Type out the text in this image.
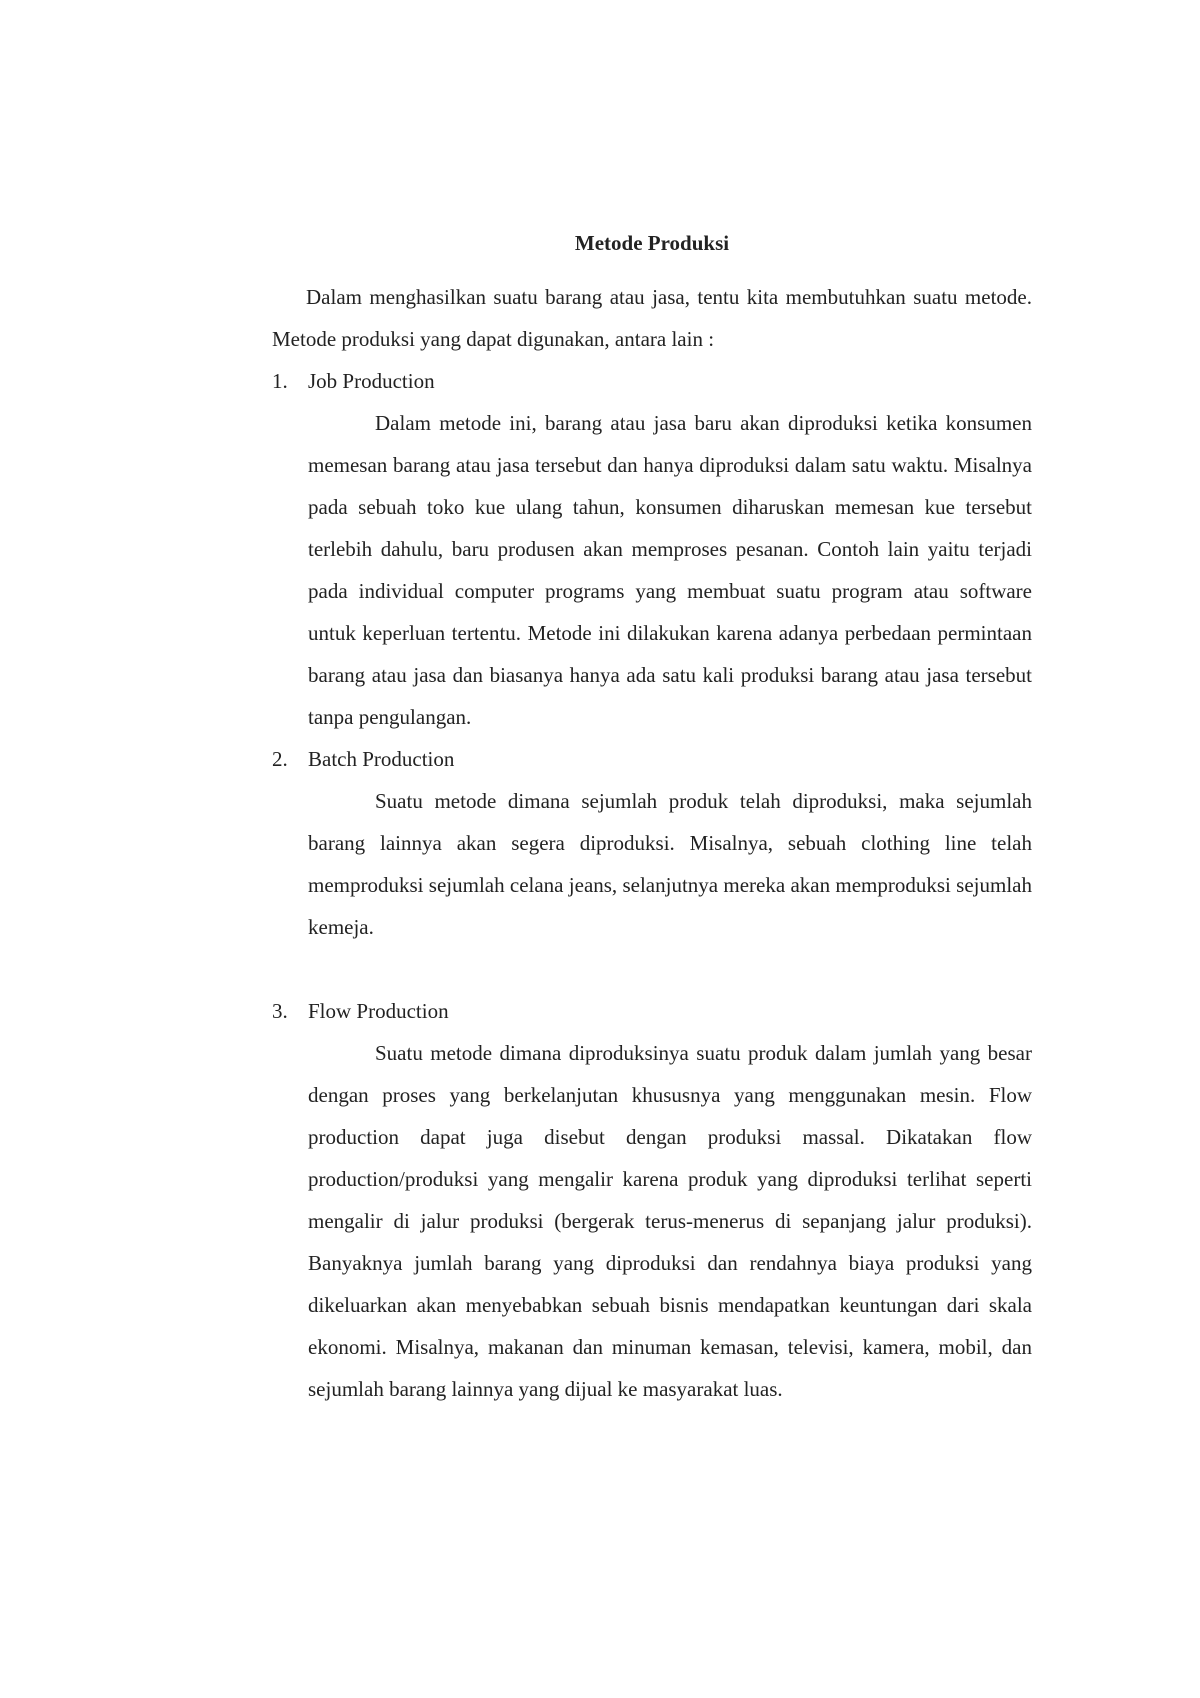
Metode Produksi

Dalam menghasilkan suatu barang atau jasa, tentu kita membutuhkan suatu metode. Metode produksi yang dapat digunakan, antara lain :

1. Job Production

Dalam metode ini, barang atau jasa baru akan diproduksi ketika konsumen memesan barang atau jasa tersebut dan hanya diproduksi dalam satu waktu. Misalnya pada sebuah toko kue ulang tahun, konsumen diharuskan memesan kue tersebut terlebih dahulu, baru produsen akan memproses pesanan. Contoh lain yaitu terjadi pada individual computer programs yang membuat suatu program atau software untuk keperluan tertentu. Metode ini dilakukan karena adanya perbedaan permintaan barang atau jasa dan biasanya hanya ada satu kali produksi barang atau jasa tersebut tanpa pengulangan.

2. Batch Production

Suatu metode dimana sejumlah produk telah diproduksi, maka sejumlah barang lainnya akan segera diproduksi. Misalnya, sebuah clothing line telah memproduksi sejumlah celana jeans, selanjutnya mereka akan memproduksi sejumlah kemeja.

3. Flow Production

Suatu metode dimana diproduksinya suatu produk dalam jumlah yang besar dengan proses yang berkelanjutan khususnya yang menggunakan mesin. Flow production dapat juga disebut dengan produksi massal. Dikatakan flow production/produksi yang mengalir karena produk yang diproduksi terlihat seperti mengalir di jalur produksi (bergerak terus-menerus di sepanjang jalur produksi). Banyaknya jumlah barang yang diproduksi dan rendahnya biaya produksi yang dikeluarkan akan menyebabkan sebuah bisnis mendapatkan keuntungan dari skala ekonomi. Misalnya, makanan dan minuman kemasan, televisi, kamera, mobil, dan sejumlah barang lainnya yang dijual ke masyarakat luas.
